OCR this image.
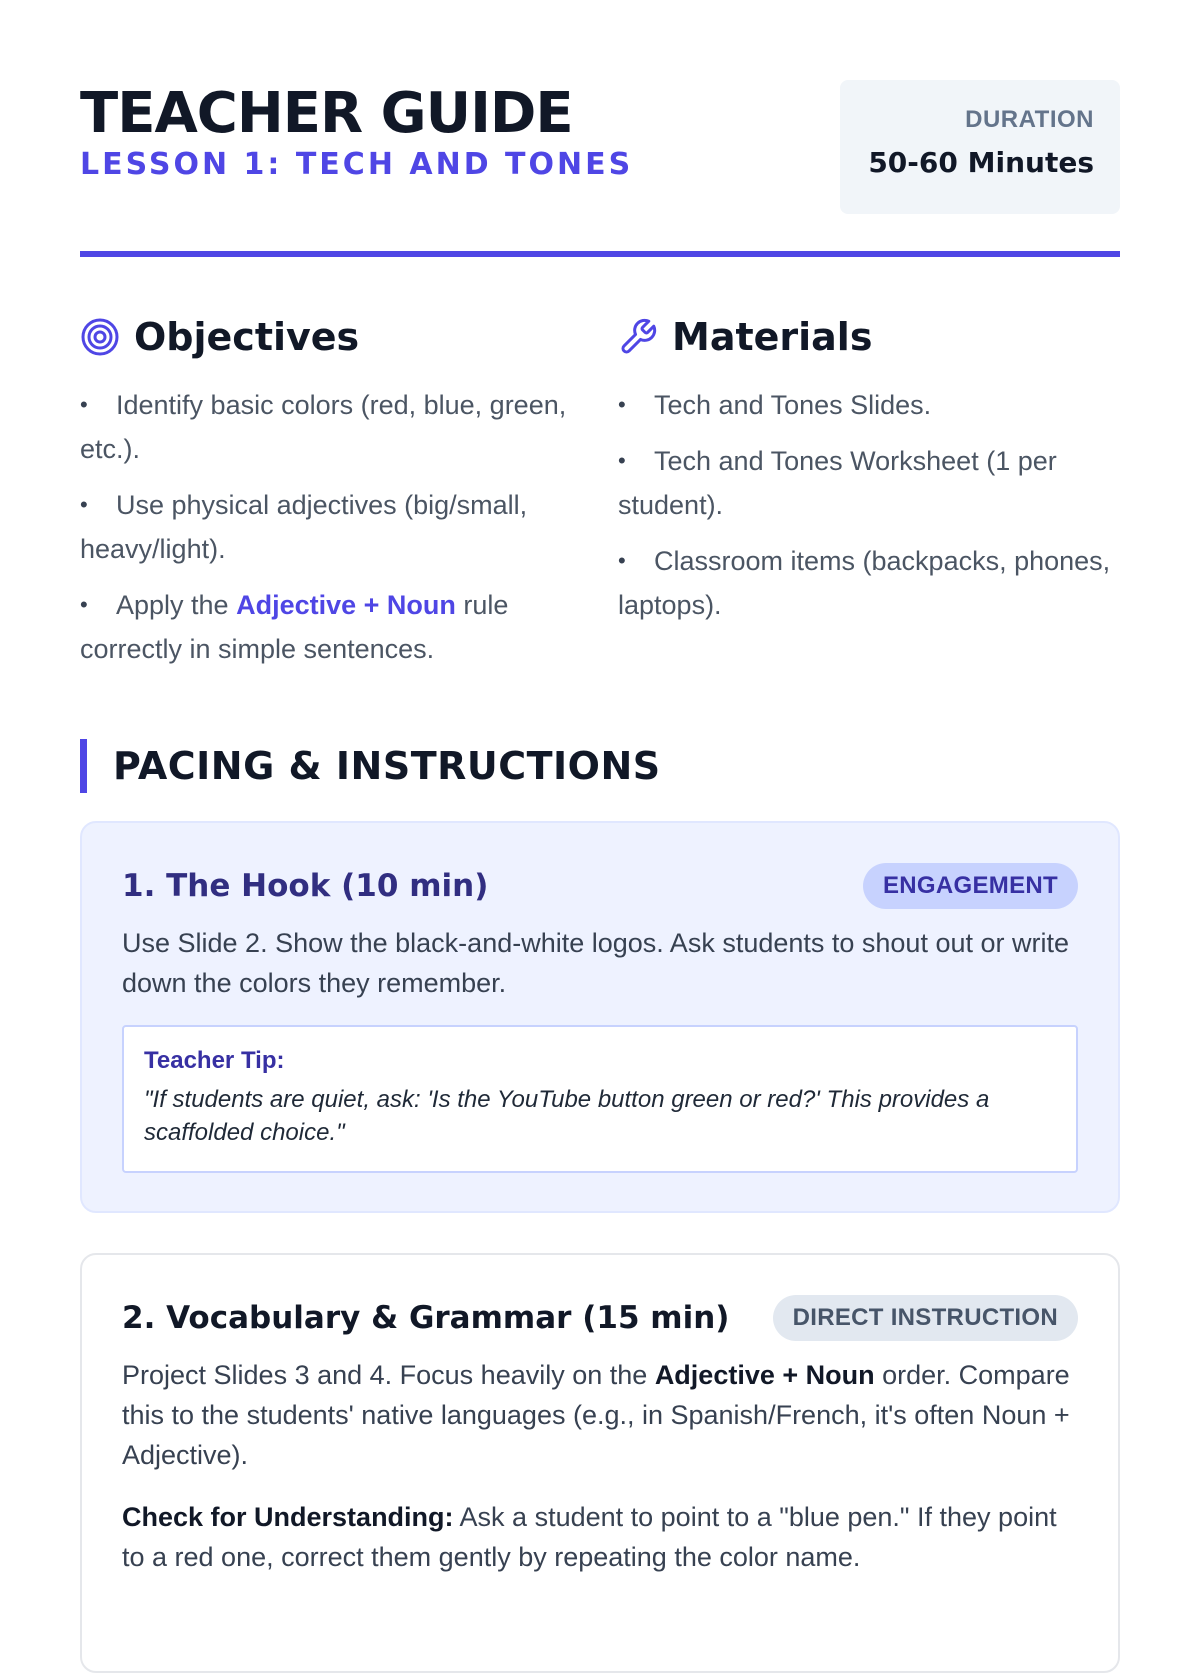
TEACHER GUIDE
LESSON 1: TECH AND TONES
DURATION
50-60 Minutes
Objectives
• Identify basic colors (red, blue, green, etc.).
• Use physical adjectives (big/small, heavy/light).
• Apply the Adjective + Noun rule correctly in simple sentences.
Materials
• Tech and Tones Slides.
• Tech and Tones Worksheet (1 per student).
• Classroom items (backpacks, phones, laptops).
PACING & INSTRUCTIONS
1. The Hook (10 min)	ENGAGEMENT
Use Slide 2. Show the black-and-white logos. Ask students to shout out or write down the colors they remember.
Teacher Tip:
"If students are quiet, ask: 'Is the YouTube button green or red?' This provides a scaffolded choice."
2. Vocabulary & Grammar (15 min)	DIRECT INSTRUCTION
Project Slides 3 and 4. Focus heavily on the Adjective + Noun order. Compare this to the students' native languages (e.g., in Spanish/French, it's often Noun + Adjective).
Check for Understanding: Ask a student to point to a "blue pen." If they point to a red one, correct them gently by repeating the color name.
